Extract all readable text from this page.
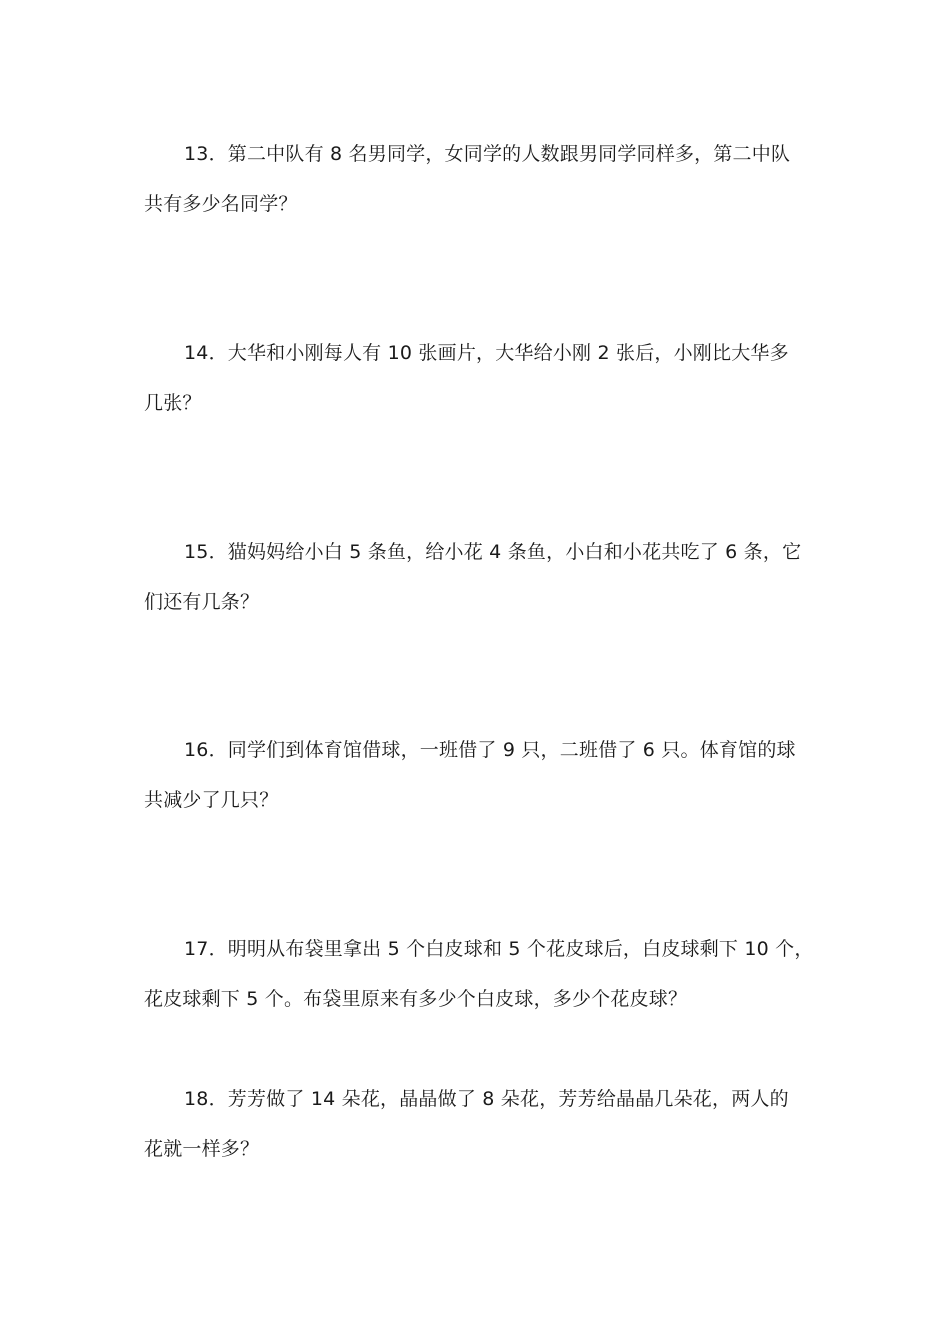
13．第二中队有 8 名男同学，女同学的人数跟男同学同样多，第二中队
共有多少名同学？
14．大华和小刚每人有 10 张画片，大华给小刚 2 张后，小刚比大华多
几张？
15．猫妈妈给小白 5 条鱼，给小花 4 条鱼，小白和小花共吃了 6 条，它
们还有几条？
16．同学们到体育馆借球，一班借了 9 只，二班借了 6 只。体育馆的球
共减少了几只？
17．明明从布袋里拿出 5 个白皮球和 5 个花皮球后，白皮球剩下 10 个，
花皮球剩下 5 个。布袋里原来有多少个白皮球，多少个花皮球？
18．芳芳做了 14 朵花，晶晶做了 8 朵花，芳芳给晶晶几朵花，两人的
花就一样多？
